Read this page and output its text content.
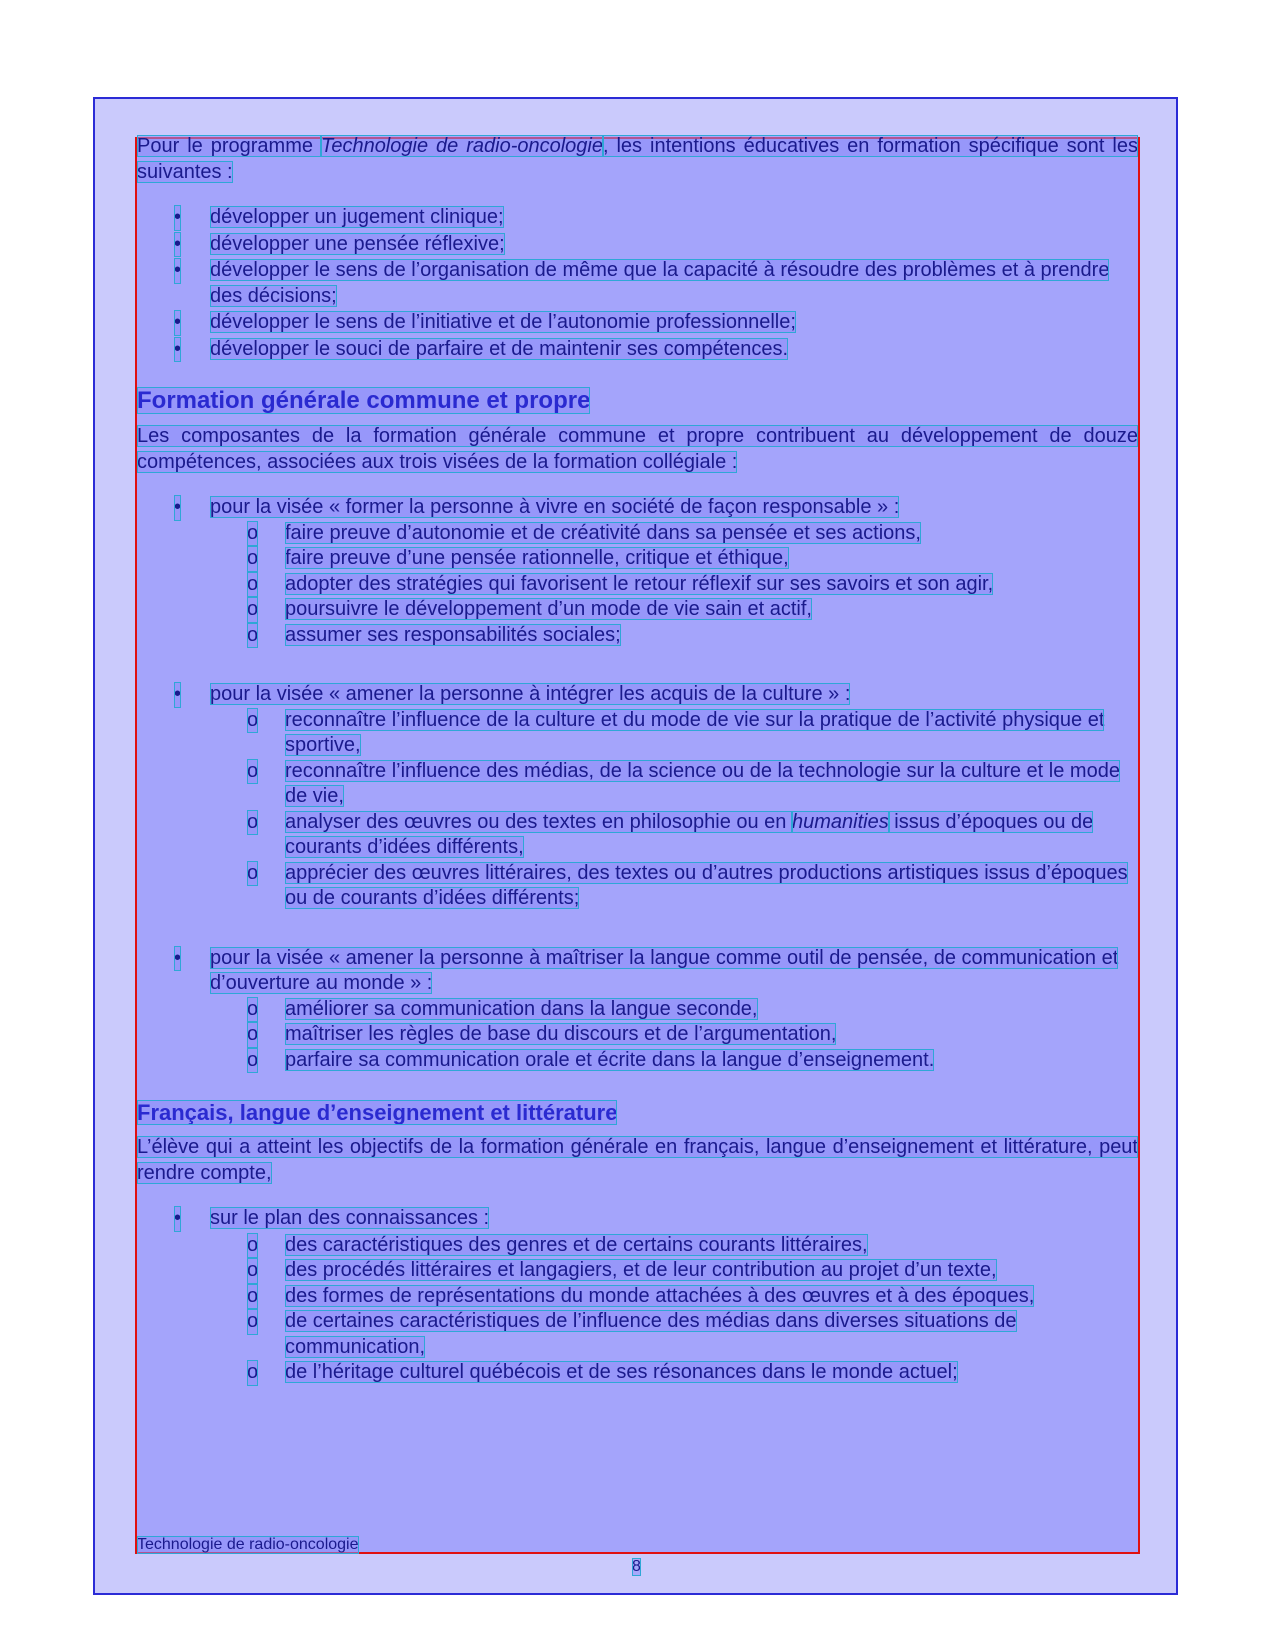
Pour le programme Technologie de radio-oncologie, les intentions éducatives en formation spécifique sont les suivantes :

• développer un jugement clinique;
• développer une pensée réflexive;
• développer le sens de l’organisation de même que la capacité à résoudre des problèmes et à prendre des décisions;
• développer le sens de l’initiative et de l’autonomie professionnelle;
• développer le souci de parfaire et de maintenir ses compétences.
Formation générale commune et propre

Les composantes de la formation générale commune et propre contribuent au développement de douze compétences, associées aux trois visées de la formation collégiale :

• pour la visée « former la personne à vivre en société de façon responsable » :
o faire preuve d’autonomie et de créativité dans sa pensée et ses actions,
o faire preuve d’une pensée rationnelle, critique et éthique,
o adopter des stratégies qui favorisent le retour réflexif sur ses savoirs et son agir,
o poursuivre le développement d’un mode de vie sain et actif,
o assumer ses responsabilités sociales;
• pour la visée « amener la personne à intégrer les acquis de la culture » :
o reconnaître l’influence de la culture et du mode de vie sur la pratique de l’activité physique et sportive,
o reconnaître l’influence des médias, de la science ou de la technologie sur la culture et le mode de vie,
o analyser des œuvres ou des textes en philosophie ou en humanities issus d’époques ou de courants d’idées différents,
o apprécier des œuvres littéraires, des textes ou d’autres productions artistiques issus d’époques ou de courants d’idées différents;
• pour la visée « amener la personne à maîtriser la langue comme outil de pensée, de communication et d’ouverture au monde » :
o améliorer sa communication dans la langue seconde,
o maîtriser les règles de base du discours et de l’argumentation,
o parfaire sa communication orale et écrite dans la langue d’enseignement.
Français, langue d’enseignement et littérature

L’élève qui a atteint les objectifs de la formation générale en français, langue d’enseignement et littérature, peut rendre compte,

• sur le plan des connaissances :
o des caractéristiques des genres et de certains courants littéraires,
o des procédés littéraires et langagiers, et de leur contribution au projet d’un texte,
o des formes de représentations du monde attachées à des œuvres et à des époques,
o de certaines caractéristiques de l’influence des médias dans diverses situations de communication,
o de l’héritage culturel québécois et de ses résonances dans le monde actuel;
Technologie de radio-oncologie
8
